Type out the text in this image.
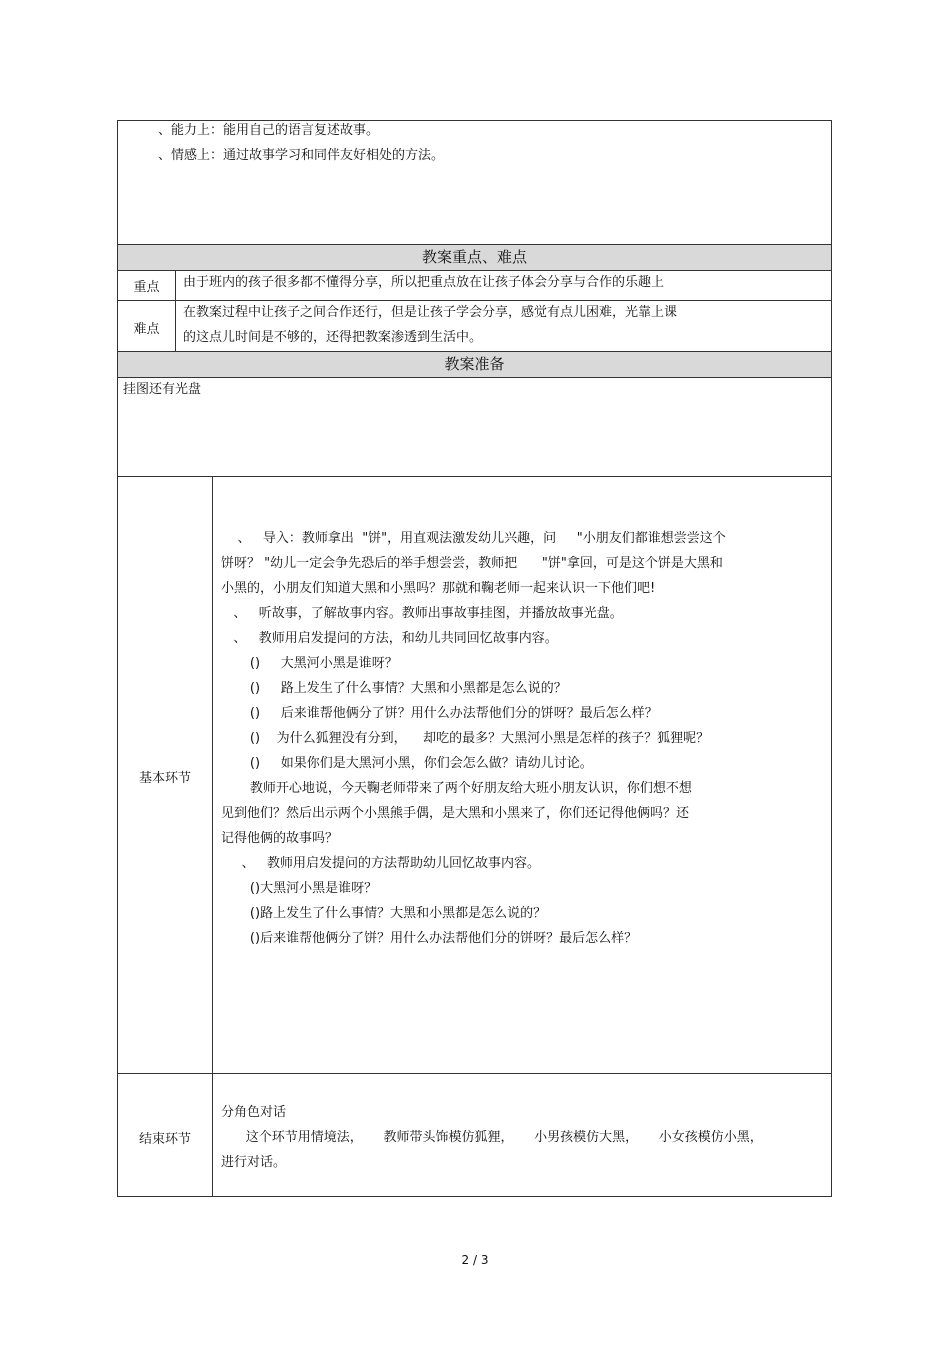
、能力上：能用自己的语言复述故事。
、情感上：通过故事学习和同伴友好相处的方法。
教案重点、难点
重点	由于班内的孩子很多都不懂得分享，所以把重点放在让孩子体会分享与合作的乐趣上
难点
在教案过程中让孩子之间合作还行，但是让孩子学会分享，感觉有点儿困难，光靠上课
的这点儿时间是不够的，还得把教案渗透到生活中。
教案准备
挂图还有光盘
基本环节
、   导入：教师拿出  "饼"，用直观法激发幼儿兴趣，问     "小朋友们都谁想尝尝这个
饼呀？ "幼儿一定会争先恐后的举手想尝尝，教师把      "饼"拿回，可是这个饼是大黑和
小黑的，小朋友们知道大黑和小黑吗？那就和鞠老师一起来认识一下他们吧!
、   听故事，了解故事内容。教师出事故事挂图，并播放故事光盘。
、   教师用启发提问的方法，和幼儿共同回忆故事内容。
()     大黑河小黑是谁呀？
()     路上发生了什么事情？大黑和小黑都是怎么说的？
()     后来谁帮他俩分了饼？用什么办法帮他们分的饼呀？最后怎么样？
()    为什么狐狸没有分到，    却吃的最多？大黑河小黑是怎样的孩子？狐狸呢？
()     如果你们是大黑河小黑，你们会怎么做？请幼儿讨论。
教师开心地说，今天鞠老师带来了两个好朋友给大班小朋友认识，你们想不想
见到他们？然后出示两个小黑熊手偶，是大黑和小黑来了，你们还记得他俩吗？还
记得他俩的故事吗？
、   教师用启发提问的方法帮助幼儿回忆故事内容。
()大黑河小黑是谁呀？
()路上发生了什么事情？大黑和小黑都是怎么说的？
()后来谁帮他俩分了饼？用什么办法帮他们分的饼呀？最后怎么样？
结束环节
分角色对话
这个环节用情境法，     教师带头饰模仿狐狸，     小男孩模仿大黑，     小女孩模仿小黑，
进行对话。
2 / 3
